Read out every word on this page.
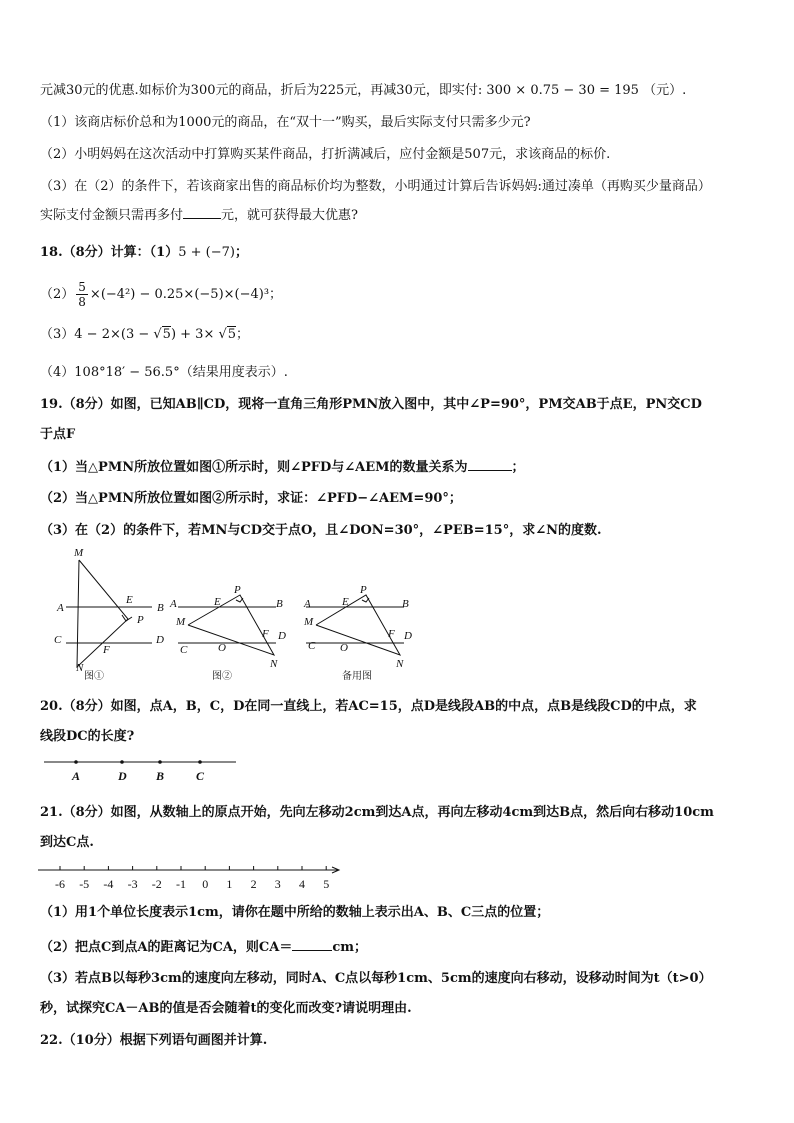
元减30元的优惠.如标价为300元的商品，折后为225元，再减30元，即实付: 300 × 0.75 − 30 = 195 （元）.
（1）该商店标价总和为1000元的商品，在“双十一”购买，最后实际支付只需多少元?
（2）小明妈妈在这次活动中打算购买某件商品，打折满减后，应付金额是507元，求该商品的标价.
（3）在（2）的条件下，若该商家出售的商品标价均为整数，小明通过计算后告诉妈妈:通过凑单（再购买少量商品）
实际支付金额只需再多付	元，就可获得最大优惠?
18.（8分）计算：（1）5 + (−7)；
$(2) \frac{5}{8} \times(-4^2) - 0.25\times(-5)\times(-4)^3$；
（3）4 − 2×(3 − √5) + 3× √5；
（4）108°18′ − 56.5°（结果用度表示）.
19.（8分）如图，已知AB∥CD，现将一直角三角形PMN放入图中，其中∠P=90°，PM交AB于点E，PN交CD
于点F
（1）当△PMN所放位置如图①所示时，则∠PFD与∠AEM的数量关系为	；
（2）当△PMN所放位置如图②所示时，求证：∠PFD−∠AEM=90°；
（3）在（2）的条件下，若MN与CD交于点O，且∠DON=30°，∠PEB=15°，求∠N的度数.
M
A
E
B
P
C	D
F
N
A	E
P
B
M
F D
C	O
N
A	E
P
B
M
F D
C O
N
图①	图②	备用图
20.（8分）如图，点A，B，C，D在同一直线上，若AC=15，点D是线段AB的中点，点B是线段CD的中点，求
线段DC的长度?
A	D B	C
21.（8分）如图，从数轴上的原点开始，先向左移动2cm到达A点，再向左移动4cm到达B点，然后向右移动10cm
到达C点.
-6 -5 -4 -3 -2 -1 0 1 2 3 4 5
（1）用1个单位长度表示1cm，请你在题中所给的数轴上表示出A、B、C三点的位置；
（2）把点C到点A的距离记为CA，则CA＝	cm；
（3）若点B以每秒3cm的速度向左移动，同时A、C点以每秒1cm、5cm的速度向右移动，设移动时间为t（t>0）
秒，试探究CA－AB的值是否会随着t的变化而改变?请说明理由.
22.（10分）根据下列语句画图并计算.
